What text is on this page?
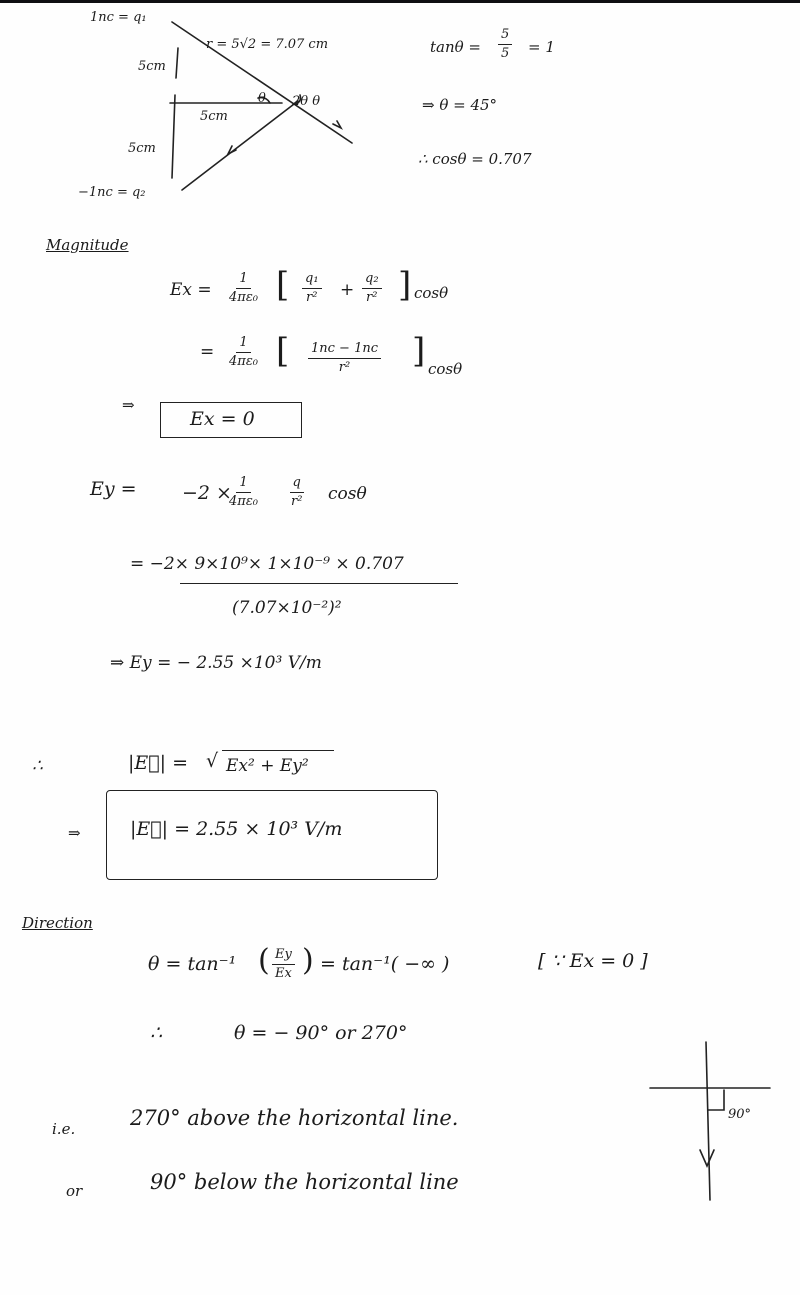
1nc = q₁
5cm
5cm
5cm
−1nc = q₂
r = 5√2 = 7.07 cm
θ 2θ θ
$\tan\theta = \frac{5}{5} = 1$
⇒ θ = 45°
∴ cosθ = 0.707
Magnitude
$Ex = \frac{1}{\text{4πε₀}}$ [ $\frac{\text{q₁}}{\text{r²}} + \frac{\text{q₂}}{\text{r²}}$ ] cosθ
= $\frac{1}{\text{4πε₀}}$ [ $\frac{1nc - 1nc}{\text{r²}}$ ] cosθ
⇒
Ex = 0
Ey = −2 ×
$\frac{1}{\text{4πε₀}} \frac{q}{\text{r²}}$ cosθ
= −2× 9×10⁹× 1×10⁻⁹ × 0.707
(7.07×10⁻²)²
⇒ Ey = − 2.55 ×10³ V/m
∴	|E⃗| = √ Ex² + Ey²
⇒	|E⃗| = 2.55 × 10³ V/m
Direction
θ = tan⁻¹ ( $\frac{Ey}{Ex}$ ) = tan⁻¹( −∞ )	[ ∵ Ex = 0 ]
∴	θ = − 90° or 270°
i.e.	270° above the horizontal line.
or	90° below the horizontal line
90°
